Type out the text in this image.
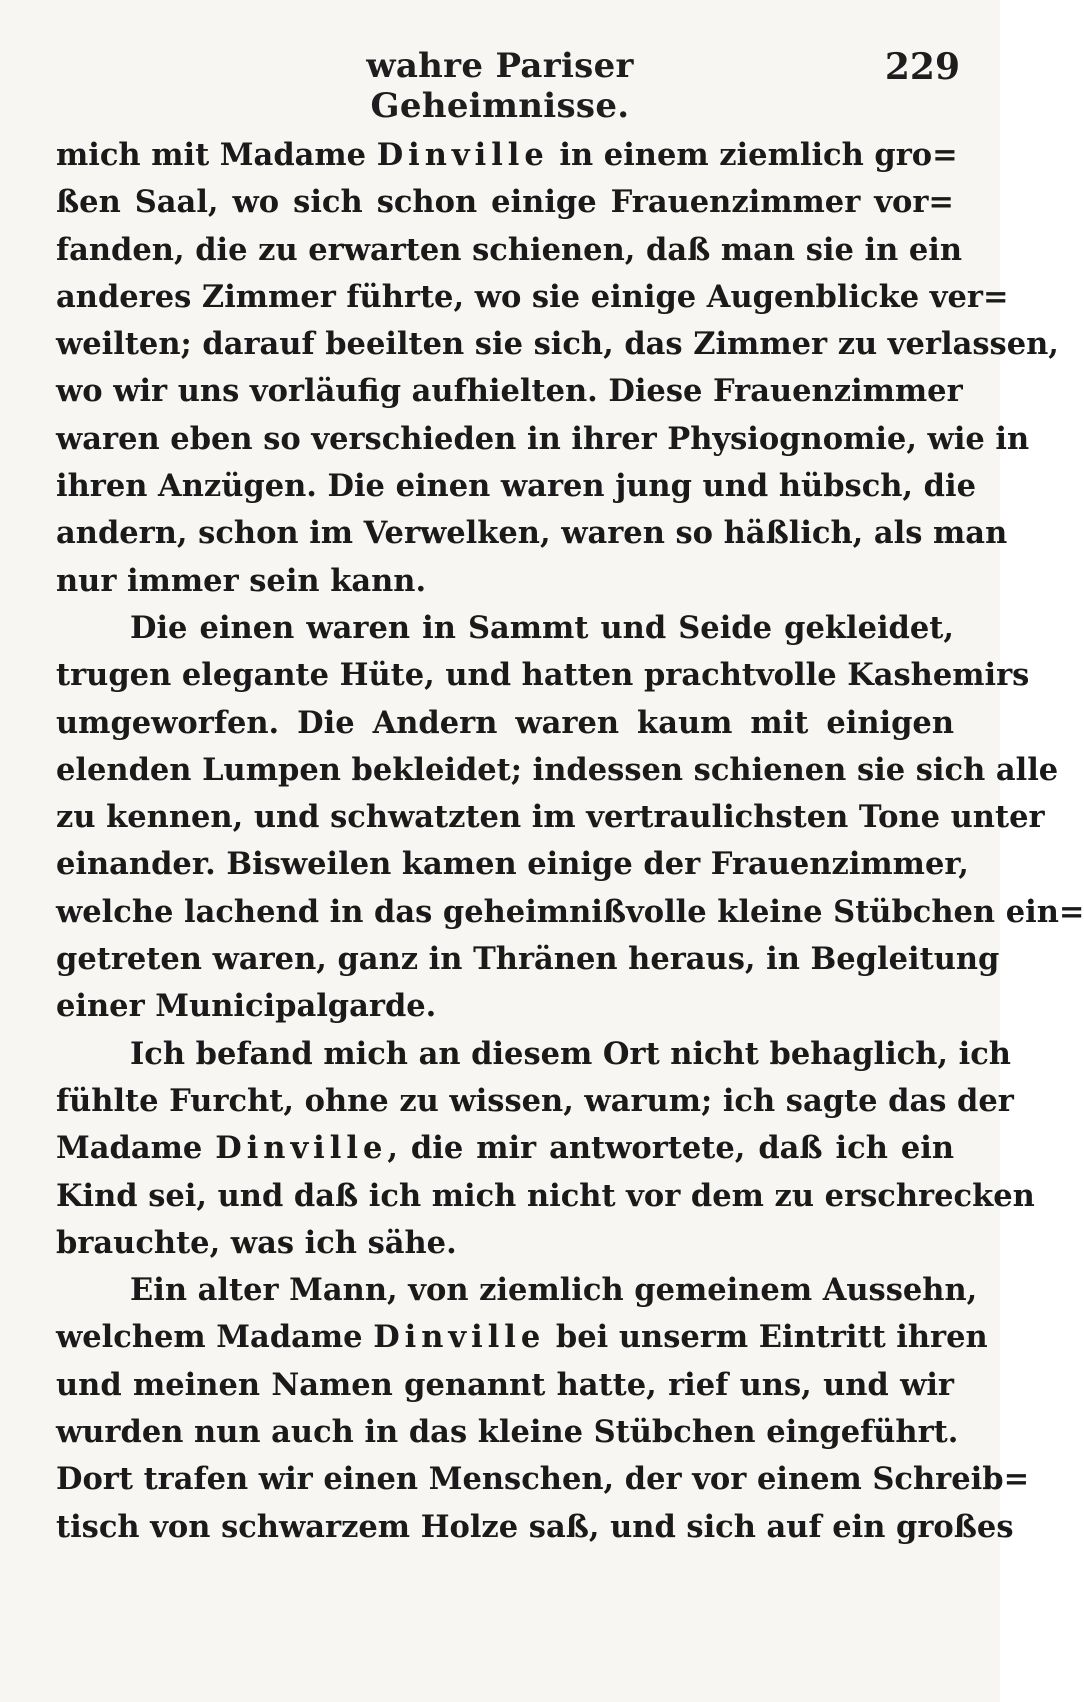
wahre Pariser Geheimnisse.
229
mich mit Madame Dinville in einem ziemlich gro=
ßen Saal, wo sich schon einige Frauenzimmer vor=
fanden, die zu erwarten schienen, daß man sie in ein
anderes Zimmer führte, wo sie einige Augenblicke ver=
weilten; darauf beeilten sie sich, das Zimmer zu verlassen,
wo wir uns vorläufig aufhielten. Diese Frauenzimmer
waren eben so verschieden in ihrer Physiognomie, wie in
ihren Anzügen. Die einen waren jung und hübsch, die
andern, schon im Verwelken, waren so häßlich, als man
nur immer sein kann.
Die einen waren in Sammt und Seide gekleidet,
trugen elegante Hüte, und hatten prachtvolle Kashemirs
umgeworfen. Die Andern waren kaum mit einigen
elenden Lumpen bekleidet; indessen schienen sie sich alle
zu kennen, und schwatzten im vertraulichsten Tone unter
einander. Bisweilen kamen einige der Frauenzimmer,
welche lachend in das geheimnißvolle kleine Stübchen ein=
getreten waren, ganz in Thränen heraus, in Begleitung
einer Municipalgarde.
Ich befand mich an diesem Ort nicht behaglich, ich
fühlte Furcht, ohne zu wissen, warum; ich sagte das der
Madame Dinville, die mir antwortete, daß ich ein
Kind sei, und daß ich mich nicht vor dem zu erschrecken
brauchte, was ich sähe.
Ein alter Mann, von ziemlich gemeinem Aussehn,
welchem Madame Dinville bei unserm Eintritt ihren
und meinen Namen genannt hatte, rief uns, und wir
wurden nun auch in das kleine Stübchen eingeführt.
Dort trafen wir einen Menschen, der vor einem Schreib=
tisch von schwarzem Holze saß, und sich auf ein großes
